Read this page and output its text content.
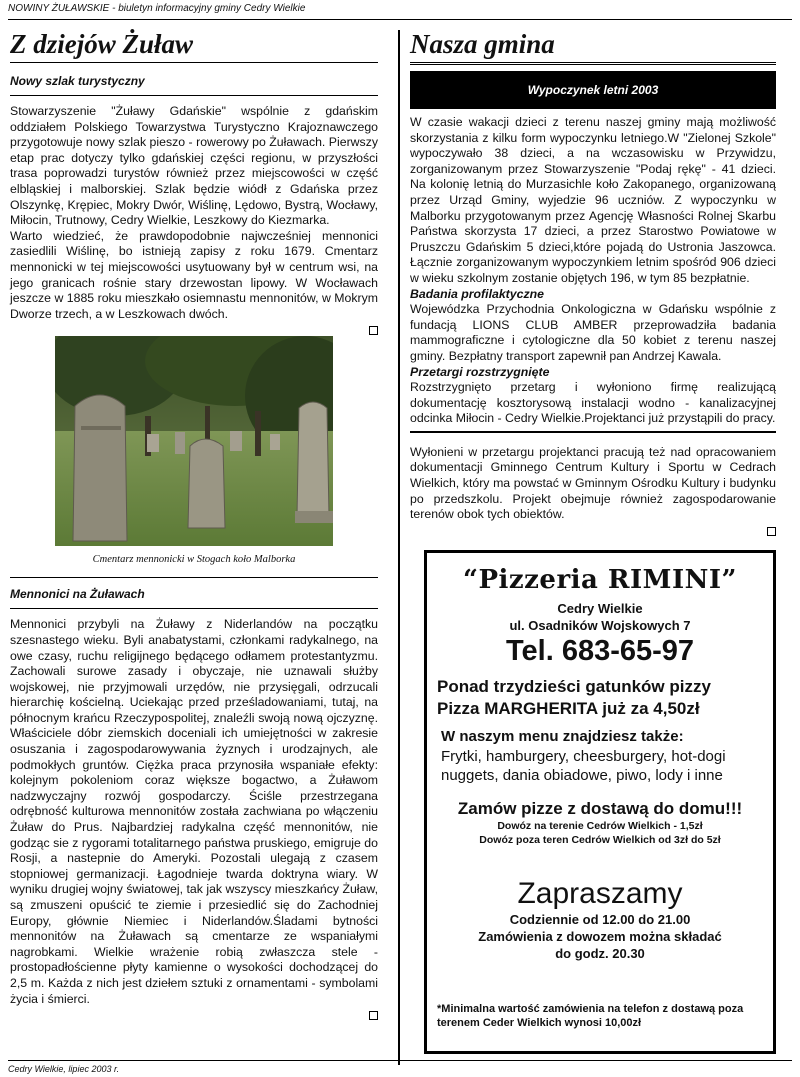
NOWINY ŻUŁAWSKIE - biuletyn informacyjny gminy Cedry Wielkie
Z dziejów Żuław
Nowy szlak turystyczny

Stowarzyszenie "Żuławy Gdańskie" wspólnie z gdańskim oddziałem Polskiego Towarzystwa Turystyczno Krajoznawczego przygotowuje nowy szlak pieszo - rowerowy po Żuławach. Pierwszy etap prac dotyczy tylko gdańskiej części regionu, w przyszłości trasa poprowadzi turystów również przez miejscowości w część elbląskiej i malborskiej. Szlak będzie wiódł z Gdańska przez Olszynkę, Krępiec, Mokry Dwór, Wiślinę, Lędowo, Bystrą, Wocławy, Miłocin, Trutnowy, Cedry Wielkie, Leszkowy do Kiezmarka.

Warto wiedzieć, że prawdopodobnie najwcześniej mennonici zasiedlili Wiślinę, bo istnieją zapisy z roku 1679. Cmentarz mennonicki w tej miejscowości usytuowany był w centrum wsi, na jego granicach rośnie stary drzewostan lipowy. W Wocławach jeszcze w 1885 roku mieszkało osiemnastu mennonitów, w Mokrym Dworze trzech, a w Leszkowach dwóch.

Cmentarz mennonicki w Stogach koło Malborka
Mennonici na Żuławach

Mennonici przybyli na Żuławy z Niderlandów na początku szesnastego wieku. Byli anabatystami, członkami radykalnego, na owe czasy, ruchu religijnego będącego odłamem protestantyzmu. Zachowali surowe zasady i obyczaje, nie uznawali służby wojskowej, nie przyjmowali urzędów, nie przysięgali, odrzucali hierarchię kościelną. Uciekając przed prześladowaniami, tutaj, na północnym krańcu Rzeczypospolitej, znaleźli swoją nową ojczyznę. Właściciele dóbr ziemskich doceniali ich umiejętności w zakresie osuszania i zagospodarowywania żyznych i urodzajnych, ale podmokłych gruntów. Ciężka praca przynosiła wspaniałe efekty: kolejnym pokoleniom coraz większe bogactwo, a Żuławom nadzwyczajny rozwój gospodarczy. Ściśle przestrzegana odrębność kulturowa mennonitów została zachwiana po włączeniu Żuław do Prus. Najbardziej radykalna część mennonitów, nie godząc sie z rygorami totalitarnego państwa pruskiego, emigruje do Rosji, a nastepnie do Ameryki. Pozostali ulegają z czasem stopniowej germanizacji. Łagodnieje twarda doktryna wiary. W wyniku drugiej wojny światowej, tak jak wszyscy mieszkańcy Żuław, są zmuszeni opuścić te ziemie i przesiedlić się do Zachodniej Europy, głównie Niemiec i Niderlandów.Śladami bytności mennonitów na Żuławach są cmentarze ze wspaniałymi nagrobkami. Wielkie wrażenie robią zwłaszcza stele - prostopadłościenne płyty kamienne o wysokości dochodzącej do 2,5 m. Każda z nich jest dziełem sztuki z ornamentami - symbolami życia i śmierci.

Nasza gmina
Wypoczynek letni 2003

W czasie wakacji dzieci z terenu naszej gminy mają możliwość skorzystania z kilku form wypoczynku letniego.W "Zielonej Szkole" wypoczywało 38 dzieci, a na wczasowisku w Przywidzu, zorganizowanym przez Stowarzyszenie "Podaj rękę" - 41 dzieci. Na kolonię letnią do Murzasichle koło Zakopanego, organizowaną przez Urząd Gminy, wyjedzie 96 uczniów. Z wypoczynku w Malborku przygotowanym przez Agencję Własności Rolnej Skarbu Państwa skorzysta 17 dzieci, a przez Starostwo Powiatowe w Pruszczu Gdańskim 5 dzieci,które pojadą do Ustronia Jaszowca. Łącznie zorganizowanym wypoczynkiem letnim spośród 906 dzieci w wieku szkolnym zostanie objętych 196, w tym 85 bezpłatnie.

Badania profilaktyczne

Wojewódzka Przychodnia Onkologiczna w Gdańsku wspólnie z fundacją LIONS CLUB AMBER przeprowadziła badania mammograficzne i cytologiczne dla 50 kobiet z terenu naszej gminy. Bezpłatny transport zapewnił pan Andrzej Kawala.

Przetargi rozstrzygnięte

Rozstrzygnięto przetarg i wyłoniono firmę realizującą dokumentację kosztorysową instalacji wodno - kanalizacyjnej odcinka Miłocin - Cedry Wielkie.Projektanci już przystąpili do pracy.

Wyłonieni w przetargu projektanci pracują też nad opracowaniem dokumentacji Gminnego Centrum Kultury i Sportu w Cedrach Wielkich, który ma powstać w Gminnym Ośrodku Kultury i budynku po przedszkolu. Projekt obejmuje również zagospodarowanie terenów obok tych obiektów.

“Pizzeria RIMINI”
Cedry Wielkie
ul. Osadników Wojskowych 7
Tel. 683-65-97
Ponad trzydzieści gatunków pizzy
Pizza MARGHERITA już za 4,50zł
W naszym menu znajdziesz także:
Frytki, hamburgery, cheesburgery, hot-dogi
nuggets, dania obiadowe, piwo, lody i inne
Zamów pizze z dostawą do domu!!!
Dowóz na terenie Cedrów Wielkich - 1,5zł
Dowóz poza teren Cedrów Wielkich od 3zł do 5zł
Zapraszamy
Codziennie od 12.00 do 21.00
Zamówienia z dowozem można składać
do godz. 20.30
*Minimalna wartość zamówienia na telefon z dostawą poza terenem Ceder Wielkich wynosi 10,00zł
Cedry Wielkie, lipiec 2003 r.
